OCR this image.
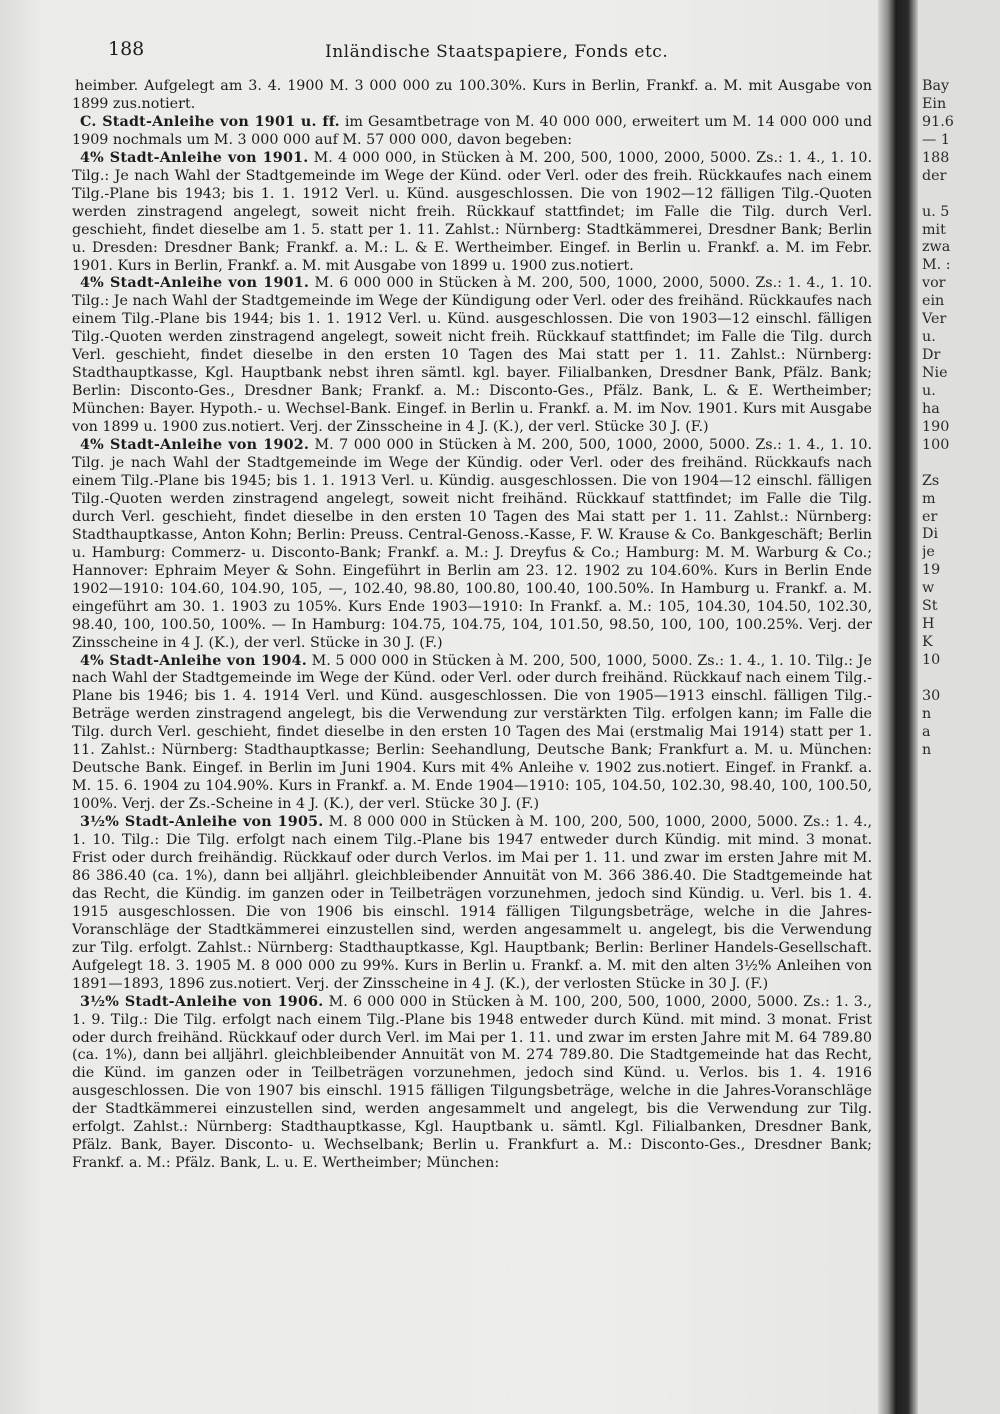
188	Inländische Staatspapiere, Fonds etc.

heimber. Aufgelegt am 3. 4. 1900 M. 3 000 000 zu 100.30%. Kurs in Berlin, Frankf. a. M. mit Ausgabe von 1899 zus.notiert.

C. Stadt-Anleihe von 1901 u. ff. im Gesamtbetrage von M. 40 000 000, erweitert um M. 14 000 000 und 1909 nochmals um M. 3 000 000 auf M. 57 000 000, davon begeben:

4% Stadt-Anleihe von 1901. M. 4 000 000, in Stücken à M. 200, 500, 1000, 2000, 5000. Zs.: 1. 4., 1. 10. Tilg.: Je nach Wahl der Stadtgemeinde im Wege der Künd. oder Verl. oder des freih. Rückkaufes nach einem Tilg.-Plane bis 1943; bis 1. 1. 1912 Verl. u. Künd. ausgeschlossen. Die von 1902—12 fälligen Tilg.-Quoten werden zinstragend angelegt, soweit nicht freih. Rückkauf stattfindet; im Falle die Tilg. durch Verl. geschieht, findet dieselbe am 1. 5. statt per 1. 11. Zahlst.: Nürnberg: Stadtkämmerei, Dresdner Bank; Berlin u. Dresden: Dresdner Bank; Frankf. a. M.: L. & E. Wertheimber. Eingef. in Berlin u. Frankf. a. M. im Febr. 1901. Kurs in Berlin, Frankf. a. M. mit Ausgabe von 1899 u. 1900 zus.notiert.

4% Stadt-Anleihe von 1901. M. 6 000 000 in Stücken à M. 200, 500, 1000, 2000, 5000. Zs.: 1. 4., 1. 10. Tilg.: Je nach Wahl der Stadtgemeinde im Wege der Kündigung oder Verl. oder des freihänd. Rückkaufes nach einem Tilg.-Plane bis 1944; bis 1. 1. 1912 Verl. u. Künd. ausgeschlossen. Die von 1903—12 einschl. fälligen Tilg.-Quoten werden zinstragend angelegt, soweit nicht freih. Rückkauf stattfindet; im Falle die Tilg. durch Verl. geschieht, findet dieselbe in den ersten 10 Tagen des Mai statt per 1. 11. Zahlst.: Nürnberg: Stadthauptkasse, Kgl. Hauptbank nebst ihren sämtl. kgl. bayer. Filialbanken, Dresdner Bank, Pfälz. Bank; Berlin: Disconto-Ges., Dresdner Bank; Frankf. a. M.: Disconto-Ges., Pfälz. Bank, L. & E. Wertheimber; München: Bayer. Hypoth.- u. Wechsel-Bank. Eingef. in Berlin u. Frankf. a. M. im Nov. 1901. Kurs mit Ausgabe von 1899 u. 1900 zus.notiert. Verj. der Zinsscheine in 4 J. (K.), der verl. Stücke 30 J. (F.)

4% Stadt-Anleihe von 1902. M. 7 000 000 in Stücken à M. 200, 500, 1000, 2000, 5000. Zs.: 1. 4., 1. 10. Tilg. je nach Wahl der Stadtgemeinde im Wege der Kündig. oder Verl. oder des freihänd. Rückkaufs nach einem Tilg.-Plane bis 1945; bis 1. 1. 1913 Verl. u. Kündig. ausgeschlossen. Die von 1904—12 einschl. fälligen Tilg.-Quoten werden zinstragend angelegt, soweit nicht freihänd. Rückkauf stattfindet; im Falle die Tilg. durch Verl. geschieht, findet dieselbe in den ersten 10 Tagen des Mai statt per 1. 11. Zahlst.: Nürnberg: Stadthauptkasse, Anton Kohn; Berlin: Preuss. Central-Genoss.-Kasse, F. W. Krause & Co. Bankgeschäft; Berlin u. Hamburg: Commerz- u. Disconto-Bank; Frankf. a. M.: J. Dreyfus & Co.; Hamburg: M. M. Warburg & Co.; Hannover: Ephraim Meyer & Sohn. Eingeführt in Berlin am 23. 12. 1902 zu 104.60%. Kurs in Berlin Ende 1902—1910: 104.60, 104.90, 105, —, 102.40, 98.80, 100.80, 100.40, 100.50%. In Hamburg u. Frankf. a. M. eingeführt am 30. 1. 1903 zu 105%. Kurs Ende 1903—1910: In Frankf. a. M.: 105, 104.30, 104.50, 102.30, 98.40, 100, 100.50, 100%. — In Hamburg: 104.75, 104.75, 104, 101.50, 98.50, 100, 100, 100.25%. Verj. der Zinsscheine in 4 J. (K.), der verl. Stücke in 30 J. (F.)

4% Stadt-Anleihe von 1904. M. 5 000 000 in Stücken à M. 200, 500, 1000, 5000. Zs.: 1. 4., 1. 10. Tilg.: Je nach Wahl der Stadtgemeinde im Wege der Künd. oder Verl. oder durch freihänd. Rückkauf nach einem Tilg.-Plane bis 1946; bis 1. 4. 1914 Verl. und Künd. ausgeschlossen. Die von 1905—1913 einschl. fälligen Tilg.-Beträge werden zinstragend angelegt, bis die Verwendung zur verstärkten Tilg. erfolgen kann; im Falle die Tilg. durch Verl. geschieht, findet dieselbe in den ersten 10 Tagen des Mai (erstmalig Mai 1914) statt per 1. 11. Zahlst.: Nürnberg: Stadthauptkasse; Berlin: Seehandlung, Deutsche Bank; Frankfurt a. M. u. München: Deutsche Bank. Eingef. in Berlin im Juni 1904. Kurs mit 4% Anleihe v. 1902 zus.notiert. Eingef. in Frankf. a. M. 15. 6. 1904 zu 104.90%. Kurs in Frankf. a. M. Ende 1904—1910: 105, 104.50, 102.30, 98.40, 100, 100.50, 100%. Verj. der Zs.-Scheine in 4 J. (K.), der verl. Stücke 30 J. (F.)

3½% Stadt-Anleihe von 1905. M. 8 000 000 in Stücken à M. 100, 200, 500, 1000, 2000, 5000. Zs.: 1. 4., 1. 10. Tilg.: Die Tilg. erfolgt nach einem Tilg.-Plane bis 1947 entweder durch Kündig. mit mind. 3 monat. Frist oder durch freihändig. Rückkauf oder durch Verlos. im Mai per 1. 11. und zwar im ersten Jahre mit M. 86 386.40 (ca. 1%), dann bei alljährl. gleichbleibender Annuität von M. 366 386.40. Die Stadtgemeinde hat das Recht, die Kündig. im ganzen oder in Teilbeträgen vorzunehmen, jedoch sind Kündig. u. Verl. bis 1. 4. 1915 ausgeschlossen. Die von 1906 bis einschl. 1914 fälligen Tilgungsbeträge, welche in die Jahres-Voranschläge der Stadtkämmerei einzustellen sind, werden angesammelt u. angelegt, bis die Verwendung zur Tilg. erfolgt. Zahlst.: Nürnberg: Stadthauptkasse, Kgl. Hauptbank; Berlin: Berliner Handels-Gesellschaft. Aufgelegt 18. 3. 1905 M. 8 000 000 zu 99%. Kurs in Berlin u. Frankf. a. M. mit den alten 3½% Anleihen von 1891—1893, 1896 zus.notiert. Verj. der Zinsscheine in 4 J. (K.), der verlosten Stücke in 30 J. (F.)

3½% Stadt-Anleihe von 1906. M. 6 000 000 in Stücken à M. 100, 200, 500, 1000, 2000, 5000. Zs.: 1. 3., 1. 9. Tilg.: Die Tilg. erfolgt nach einem Tilg.-Plane bis 1948 entweder durch Künd. mit mind. 3 monat. Frist oder durch freihänd. Rückkauf oder durch Verl. im Mai per 1. 11. und zwar im ersten Jahre mit M. 64 789.80 (ca. 1%), dann bei alljährl. gleichbleibender Annuität von M. 274 789.80. Die Stadtgemeinde hat das Recht, die Künd. im ganzen oder in Teilbeträgen vorzunehmen, jedoch sind Künd. u. Verlos. bis 1. 4. 1916 ausgeschlossen. Die von 1907 bis einschl. 1915 fälligen Tilgungsbeträge, welche in die Jahres-Voranschläge der Stadtkämmerei einzustellen sind, werden angesammelt und angelegt, bis die Verwendung zur Tilg. erfolgt. Zahlst.: Nürnberg: Stadthauptkasse, Kgl. Hauptbank u. sämtl. Kgl. Filialbanken, Dresdner Bank, Pfälz. Bank, Bayer. Disconto- u. Wechselbank; Berlin u. Frankfurt a. M.: Disconto-Ges., Dresdner Bank; Frankf. a. M.: Pfälz. Bank, L. u. E. Wertheimber; München:

Bay
Ein
91.6
— 1
188
der
u. 5
mit
zwa
M. :
vor
ein
Ver
u.
Dr
Nie
u.
ha
190
100
Zs
m
er
Di
je
19
w
St
H
K
10
30
n
a
n
